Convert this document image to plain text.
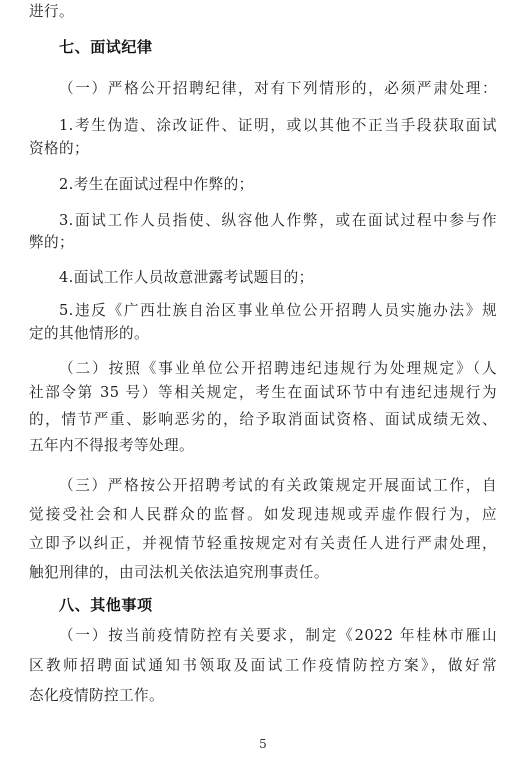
进行。
七、面试纪律
（一）严格公开招聘纪律，对有下列情形的，必须严肃处理：
1.考生伪造、涂改证件、证明，或以其他不正当手段获取面试
资格的；
2.考生在面试过程中作弊的；
3.面试工作人员指使、纵容他人作弊，或在面试过程中参与作
弊的；
4.面试工作人员故意泄露考试题目的；
5.违反《广西壮族自治区事业单位公开招聘人员实施办法》规
定的其他情形的。
（二）按照《事业单位公开招聘违纪违规行为处理规定》（人
社部令第 35 号）等相关规定，考生在面试环节中有违纪违规行为
的，情节严重、影响恶劣的，给予取消面试资格、面试成绩无效、
五年内不得报考等处理。
（三）严格按公开招聘考试的有关政策规定开展面试工作，自
觉接受社会和人民群众的监督。如发现违规或弄虚作假行为，应
立即予以纠正，并视情节轻重按规定对有关责任人进行严肃处理，
触犯刑律的，由司法机关依法追究刑事责任。
八、其他事项
（一）按当前疫情防控有关要求，制定《2022 年桂林市雁山
区教师招聘面试通知书领取及面试工作疫情防控方案》，做好常
态化疫情防控工作。
5
